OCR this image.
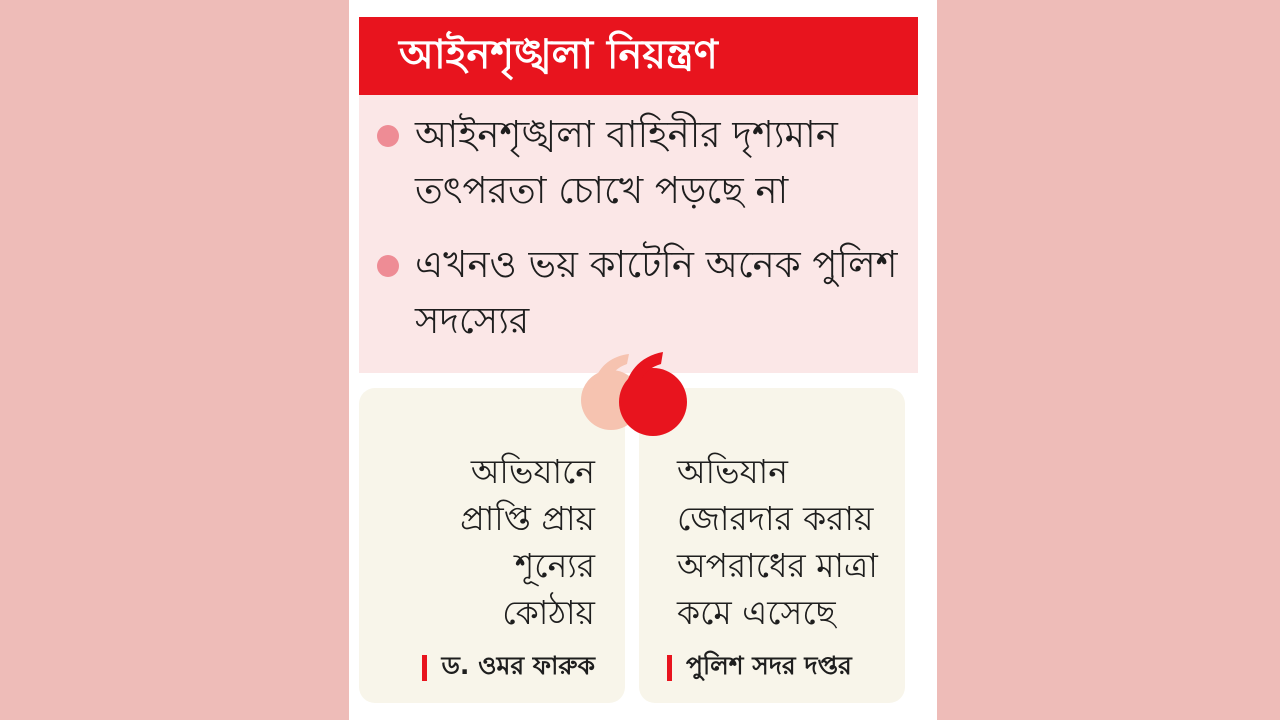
আইনশৃঙ্খলা নিয়ন্ত্রণ
আইনশৃঙ্খলা বাহিনীর দৃশ্যমান তৎপরতা চোখে পড়ছে না
এখনও ভয় কাটেনি অনেক পুলিশ সদস্যের
অভিযানে
প্রাপ্তি প্রায়
শূন্যের
কোঠায়
ড. ওমর ফারুক
অভিযান
জোরদার করায়
অপরাধের মাত্রা
কমে এসেছে
পুলিশ সদর দপ্তর
